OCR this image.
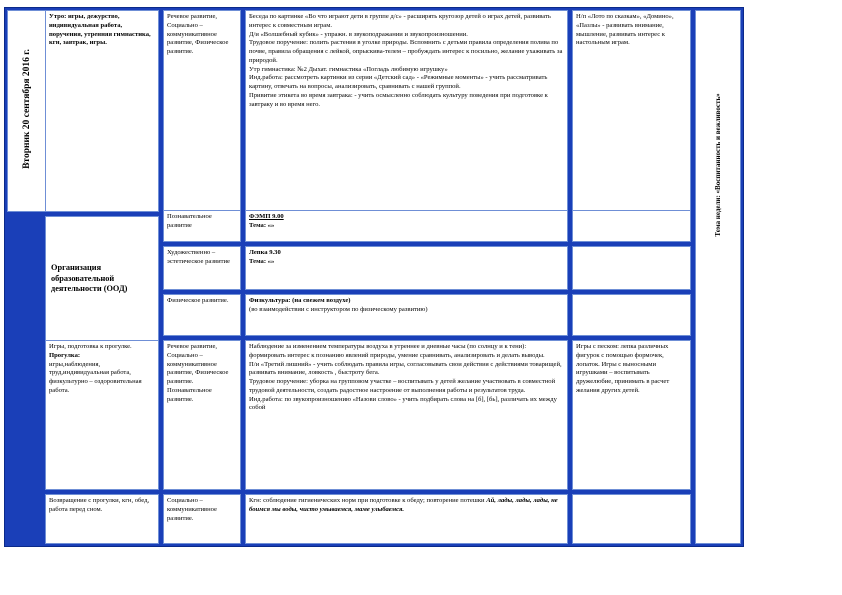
Вторник 20 сентября 2016 г.

Утро: игры, дежурство, индивидуальная работа, поручения, утренняя гимнастика, кгн, завтрак, игры.

Речевое развитие, Социально – коммуникативное развитие, Физическое развитие.

Беседа по картинке «Во что играют дети в группе д/с» - расширять кругозор детей о играх детей, развивать интерес к совместным играм.

Д/и «Волшебный кубик» - упражн. в звукоподражании и звукопроизношении.

Трудовое поручение: полить растения в уголке природы. Вспомнить с детьми правила определения полива по почве, правила обращения с лейкой, опрыскива-телем – пробуждать интерес к посильно, желание ухаживать за природой.

Утр гимнастика: №2 Дыхат. гимнастика «Погладь любимую игрушку»

Инд.работа: рассмотреть картинки из серии «Детский сад» - «Режимные моменты» - учить рассматривать картину, отвечать на вопросы, анализировать, сравнивать с нашей группой.

Привитие этикета во время завтрака: - учить осмысленно соблюдать культуру поведения при подготовке к завтраку и во время него.

Н/п «Лото по сказкам», «Домино», «Пазлы» - развивать внимание, мышление, развивать интерес к настольным играм.

Тема недели: «Воспитанность и вежливость»
Организация образовательной деятельности (ООД)

Познавательное развитие

ФЭМП 9.00

Тема: «»

Художественно – эстетическое развитие

Лепка 9.30

Тема: «»

Физическое развитие.	Физкультура: (на свежем воздухе)

(во взаимодействии с инструктором по физическому развитию)

Игры, подготовка к прогулке.

Прогулка:

игры,наблюдения, труд,индивидуальная работа, физкультурно – оздоровительная работа.

Речевое развитие, Социально – коммуникативное развитие, Физическое развитие. Познавательное развитие.

Наблюдение за изменением температуры воздуха в утреннее и дневные часы (по солнцу и к тени): формировать интерес к познанию явлений природы, умение сравнивать, анализировать и делать выводы.

П/и «Третий лишний» - учить соблюдать правила игры, согласовывать свои действия с действиями товарищей, развивать внимание, ловкость , быстроту бега.

Трудовое поручение: уборка на групповом участке – воспитывать у детей желание участвовать в совместной трудовой деятельности, создать радостное настроение от выполнения работы и результатов труда.

Инд.работа: по звукопроизношению «Назови слово» - учить подбирать слова на [б], [бь], различать их между собой

Игры с песком: лепка различных фигурок с помощью формочек, лопаток. Игры с выносными игрушками – воспитывать дружелюбие, принимать в расчет желания других детей.

Возвращение с прогулки, кгн, обед, работа перед сном.

Социально – коммуникативное развитие.

Кгн: соблюдение гигиенических норм при подготовке к обеду; повторение потешки Ай, лады, лады, лады, не боимся мы воды, чисто умываемся, маме улыбаемся.
